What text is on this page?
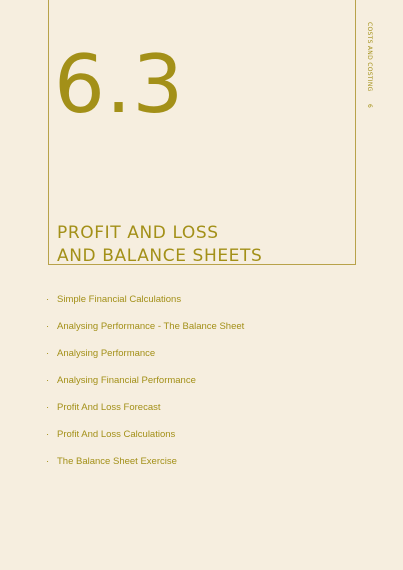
6.3
PROFIT AND LOSS
AND BALANCE SHEETS
COSTS AND COSTING 6
· Simple Financial Calculations
· Analysing Performance - The Balance Sheet
· Analysing Performance
· Analysing Financial Performance
· Profit And Loss Forecast
· Profit And Loss Calculations
· The Balance Sheet Exercise
